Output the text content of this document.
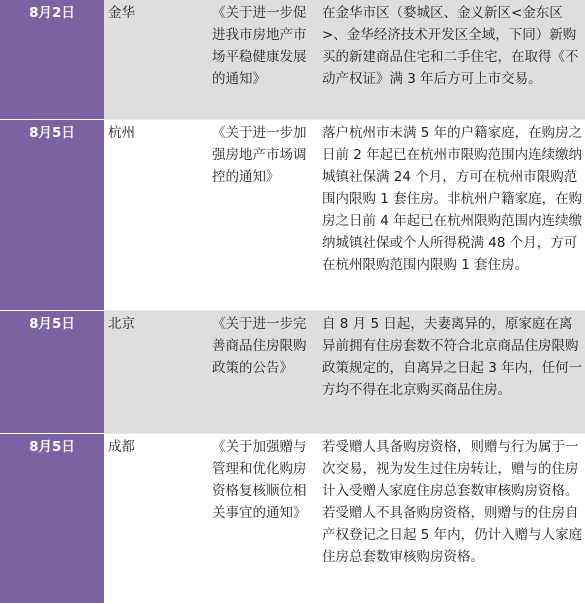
8月2日	金华	《关于进一步促进我市房地产市场平稳健康发展的通知》	在金华市区（婺城区、金义新区<金东区>、金华经济技术开发区全域，下同）新购买的新建商品住宅和二手住宅，在取得《不动产权证》满 3 年后方可上市交易。

8月5日	杭州	《关于进一步加强房地产市场调控的通知》	落户杭州市未满 5 年的户籍家庭，在购房之日前 2 年起已在杭州市限购范围内连续缴纳城镇社保满 24 个月，方可在杭州市限购范围内限购 1 套住房。非杭州户籍家庭，在购房之日前 4 年起已在杭州限购范围内连续缴纳城镇社保或个人所得税满 48 个月，方可在杭州限购范围内限购 1 套住房。

8月5日	北京	《关于进一步完善商品住房限购政策的公告》	自 8 月 5 日起，夫妻离异的，原家庭在离异前拥有住房套数不符合北京商品住房限购政策规定的，自离异之日起 3 年内，任何一方均不得在北京购买商品住房。

8月5日	成都	《关于加强赠与管理和优化购房资格复核顺位相关事宜的通知》	若受赠人具备购房资格，则赠与行为属于一次交易，视为发生过住房转让，赠与的住房计入受赠人家庭住房总套数审核购房资格。若受赠人不具备购房资格，则赠与的住房自产权登记之日起 5 年内，仍计入赠与人家庭住房总套数审核购房资格。
